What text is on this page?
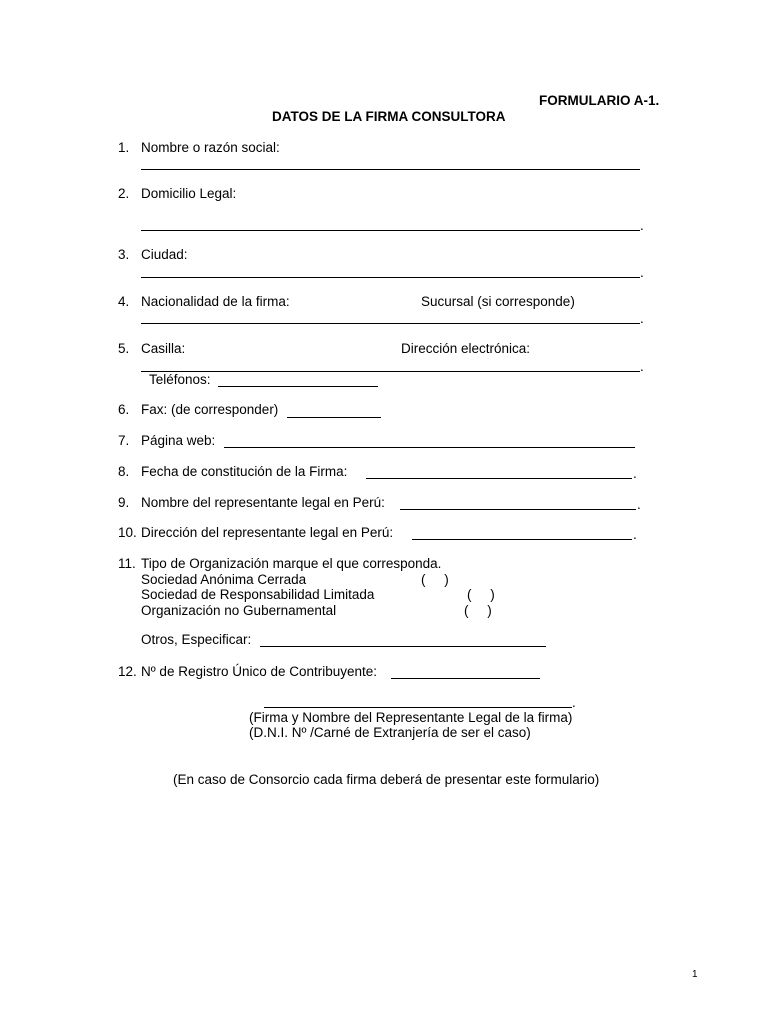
FORMULARIO A-1.
DATOS DE LA FIRMA CONSULTORA
1. Nombre o razón social:
2. Domicilio Legal:
.
3. Ciudad:
.
4. Nacionalidad de la firma:	Sucursal (si corresponde)
.
5. Casilla:	Dirección electrónica:
.
Teléfonos:
6. Fax: (de corresponder)
7. Página web:
8. Fecha de constitución de la Firma:	.
9. Nombre del representante legal en Perú:	.
10. Dirección del representante legal en Perú:	.
11. Tipo de Organización marque el que corresponda.
Sociedad Anónima Cerrada	(     )
Sociedad de Responsabilidad Limitada	(     )
Organización no Gubernamental	(     )
Otros, Especificar:
12. Nº de Registro Único de Contribuyente:
.
(Firma y Nombre del Representante Legal de la firma)
(D.N.I. Nº /Carné de Extranjería de ser el caso)
(En caso de Consorcio cada firma deberá de presentar este formulario)
1
